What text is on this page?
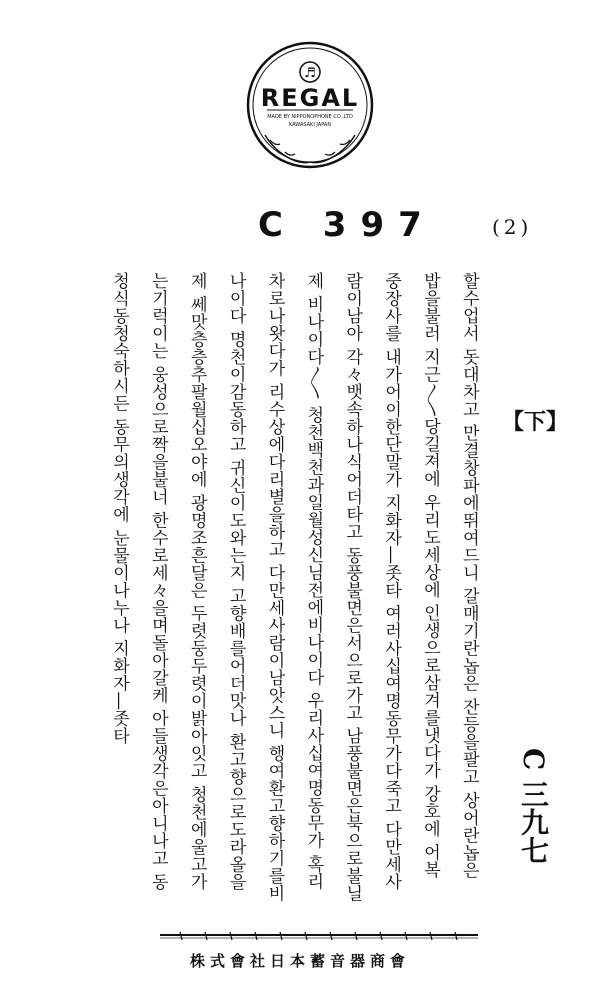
♬
REGAL
MADE BY NIPPONOPHONE CO.,LTD
KAWASAKI JAPAN
C 397	(2)
【下】
C 三九七
할수업서 돗대차고 만결창파에뛰여드니 갈매기란놉은 잔등을팔고 상어란놉은
밥을불러 지근〳〵당길져에 우리도세상에 인생으로삼겨를냇다가 강호에 어복
중장사를 내가어이한단말가 지화자―좃타 여러사십여명동무가다죽고 다만세사
람이남아 각々뱃속하나식어더타고 동풍불면은서으로가고 남풍불면은북으로불닐
제 비나이다〳〵 청천백천과일월성신님전에비나이다 우리사십여명동무가 혹리
차로나왓다가 리수상에다리별을하고 다만세사람이남앗스니 행여환고향하기를비
나이다 명천이감동하고 귀신이도와는지 고향배를어더맛나 환고향으로도라올을
제 쎄맛층층추팔월십오야에 광명조흔달은 두렷둥두렷이밝아잇고 청천에울고가
는기럭이는 웅성으로짝을불너 한수로세々을며돌아갈케 아들생각은아니나고 동
청식동청숙하시든 동무의생각에 눈물이나누나 지화자―좃타
會商器音蓄本日社會式株
